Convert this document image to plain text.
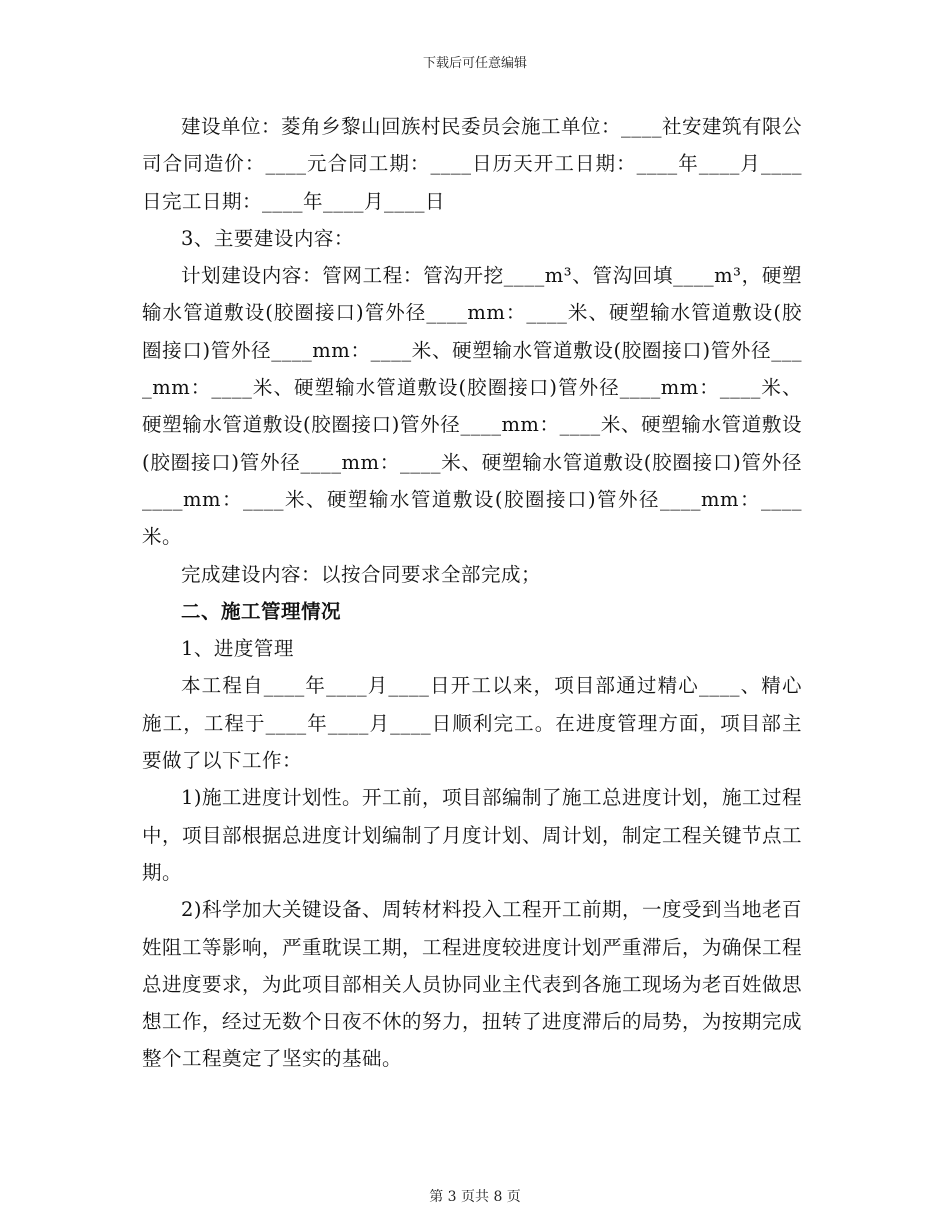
下载后可任意编辑

建设单位：菱角乡黎山回族村民委员会施工单位：____社安建筑有限公司合同造价：____元合同工期：____日历天开工日期：____年____月____日完工日期：____年____月____日

3、主要建设内容：

计划建设内容：管网工程：管沟开挖____m³、管沟回填____m³，硬塑输水管道敷设(胶圈接口)管外径____mm：____米、硬塑输水管道敷设(胶圈接口)管外径____mm：____米、硬塑输水管道敷设(胶圈接口)管外径____mm：____米、硬塑输水管道敷设(胶圈接口)管外径____mm：____米、硬塑输水管道敷设(胶圈接口)管外径____mm：____米、硬塑输水管道敷设(胶圈接口)管外径____mm：____米、硬塑输水管道敷设(胶圈接口)管外径____mm：____米、硬塑输水管道敷设(胶圈接口)管外径____mm：____米。

完成建设内容：以按合同要求全部完成；

二、施工管理情况

1、进度管理

本工程自____年____月____日开工以来，项目部通过精心____、精心施工，工程于____年____月____日顺利完工。在进度管理方面，项目部主要做了以下工作：

1)施工进度计划性。开工前，项目部编制了施工总进度计划，施工过程中，项目部根据总进度计划编制了月度计划、周计划，制定工程关键节点工期。

2)科学加大关键设备、周转材料投入工程开工前期，一度受到当地老百姓阻工等影响，严重耽误工期，工程进度较进度计划严重滞后，为确保工程总进度要求，为此项目部相关人员协同业主代表到各施工现场为老百姓做思想工作，经过无数个日夜不休的努力，扭转了进度滞后的局势，为按期完成整个工程奠定了坚实的基础。

第 3 页共 8 页
